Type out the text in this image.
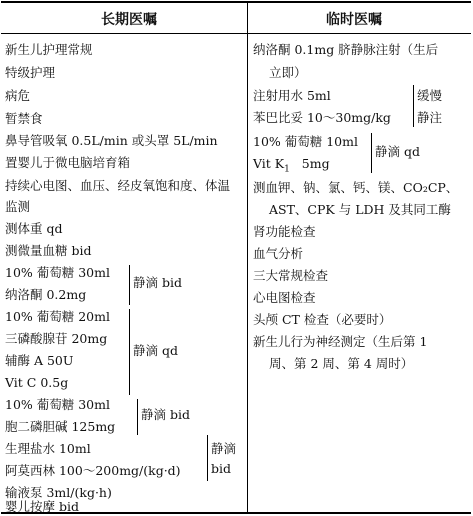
长期医嘱	临时医嘱
新生儿护理常规
特级护理
病危
暂禁食
鼻导管吸氧 0.5L/min 或头罩 5L/min
置婴儿于微电脑培育箱
持续心电图、血压、经皮氧饱和度、体温
监测
测体重 qd
测微量血糖 bid
10% 葡萄糖 30ml
纳洛酮 0.2mg
静滴 bid
10% 葡萄糖 20ml
三磷酸腺苷 20mg
辅酶 A 50U
Vit C 0.5g
静滴 qd
10% 葡萄糖 30ml
胞二磷胆碱 125mg
静滴 bid
生理盐水 10ml
阿莫西林 100～200mg/(kg·d)
输液泵 3ml/(kg·h)
静滴
bid
婴儿按摩 bid
纳洛酮 0.1mg 脐静脉注射（生后
立即）
注射用水 5ml
苯巴比妥 10～30mg/kg
缓慢
静注
10% 葡萄糖 10ml
Vit $K_1$ 5mg
静滴 qd
测血钾、钠、氯、钙、镁、CO₂CP、
AST、CPK 与 LDH 及其同工酶
肾功能检查
血气分析
三大常规检查
心电图检查
头颅 CT 检查（必要时）
新生儿行为神经测定（生后第 1
周、第 2 周、第 4 周时）
